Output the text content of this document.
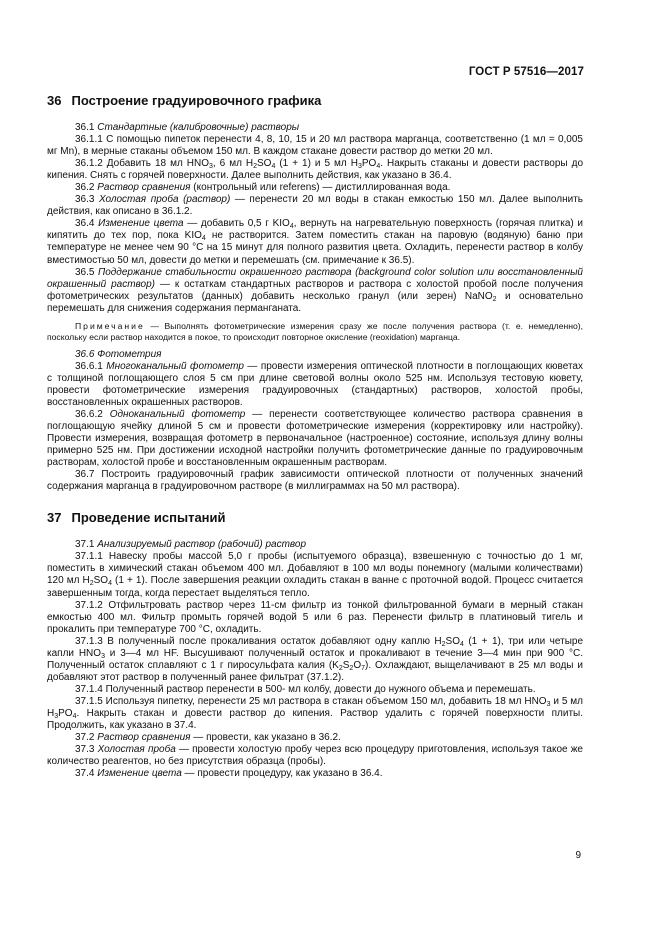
ГОСТ Р 57516—2017
36 Построение градуировочного графика

36.1 Стандартные (калибровочные) растворы

36.1.1 С помощью пипеток перенести 4, 8, 10, 15 и 20 мл раствора марганца, соответственно (1 мл = 0,005 мг Mn), в мерные стаканы объемом 150 мл. В каждом стакане довести раствор до метки 20 мл.

36.1.2 Добавить 18 мл $HNO_3$, 6 мл $H_2SO_4$ (1 + 1) и 5 мл $H_3PO_4$. Накрыть стаканы и довести растворы до кипения. Снять с горячей поверхности. Далее выполнить действия, как указано в 36.4.

36.2 Раствор сравнения (контрольный или referens) — дистиллированная вода.

36.3 Холостая проба (раствор) — перенести 20 мл воды в стакан емкостью 150 мл. Далее выполнить действия, как описано в 36.1.2.

36.4 Изменение цвета — добавить 0,5 г $KIO_4$, вернуть на нагревательную поверхность (горячая плитка) и кипятить до тех пор, пока $KIO_4$ не растворится. Затем поместить стакан на паровую (водяную) баню при температуре не менее чем 90 °C на 15 минут для полного развития цвета. Охладить, перенести раствор в колбу вместимостью 50 мл, довести до метки и перемешать (см. примечание к 36.5).

36.5 Поддержание стабильности окрашенного раствора (background color solution или восстановленный окрашенный раствор) — к остаткам стандартных растворов и раствора с холостой пробой после получения фотометрических результатов (данных) добавить несколько гранул (или зерен) NaNO$_2$ и основательно перемешать для снижения содержания перманганата.

Примечание — Выполнять фотометрические измерения сразу же после получения раствора (т. е. немедленно), поскольку если раствор находится в покое, то происходит повторное окисление (reoxidation) марганца.

36.6 Фотометрия

36.6.1 Многоканальный фотометр — провести измерения оптической плотности в поглощающих кюветах с толщиной поглощающего слоя 5 см при длине световой волны около 525 нм. Используя тестовую кювету, провести фотометрические измерения градуировочных (стандартных) растворов, холостой пробы, восстановленных окрашенных растворов.

36.6.2 Одноканальный фотометр — перенести соответствующее количество раствора сравнения в поглощающую ячейку длиной 5 см и провести фотометрические измерения (корректировку или настройку). Провести измерения, возвращая фотометр в первоначальное (настроенное) состояние, используя длину волны примерно 525 нм. При достижении исходной настройки получить фотометрические данные по градуировочным растворам, холостой пробе и восстановленным окрашенным растворам.

36.7 Построить градуировочный график зависимости оптической плотности от полученных значений содержания марганца в градуировочном растворе (в миллиграммах на 50 мл раствора).

37 Проведение испытаний

37.1 Анализируемый раствор (рабочий) раствор

37.1.1 Навеску пробы массой 5,0 г пробы (испытуемого образца), взвешенную с точностью до 1 мг, поместить в химический стакан объемом 400 мл. Добавляют в 100 мл воды понемногу (малыми количествами) 120 мл $H_2SO_4$ (1 + 1). После завершения реакции охладить стакан в ванне с проточной водой. Процесс считается завершенным тогда, когда перестает выделяться тепло.

37.1.2 Отфильтровать раствор через 11-см фильтр из тонкой фильтрованной бумаги в мерный стакан емкостью 400 мл. Фильтр промыть горячей водой 5 или 6 раз. Перенести фильтр в платиновый тигель и прокалить при температуре 700 °C, охладить.

37.1.3 В полученный после прокаливания остаток добавляют одну каплю $H_2SO_4$ (1 + 1), три или четыре капли $HNO_3$ и 3—4 мл HF. Высушивают полученный остаток и прокаливают в течение 3—4 мин при 900 °C. Полученный остаток сплавляют с 1 г пиросульфата калия $(K_2S_2O_7)$. Охлаждают, выщелачивают в 25 мл воды и добавляют этот раствор в полученный ранее фильтрат (37.1.2).

37.1.4 Полученный раствор перенести в 500- мл колбу, довести до нужного объема и перемешать.

37.1.5 Используя пипетку, перенести 25 мл раствора в стакан объемом 150 мл, добавить 18 мл $HNO_3$ и 5 мл $H_3PO_4$. Накрыть стакан и довести раствор до кипения. Раствор удалить с горячей поверхности плиты. Продолжить, как указано в 37.4.

37.2 Раствор сравнения — провести, как указано в 36.2.

37.3 Холостая проба — провести холостую пробу через всю процедуру приготовления, используя такое же количество реагентов, но без присутствия образца (пробы).

37.4 Изменение цвета — провести процедуру, как указано в 36.4.

9
